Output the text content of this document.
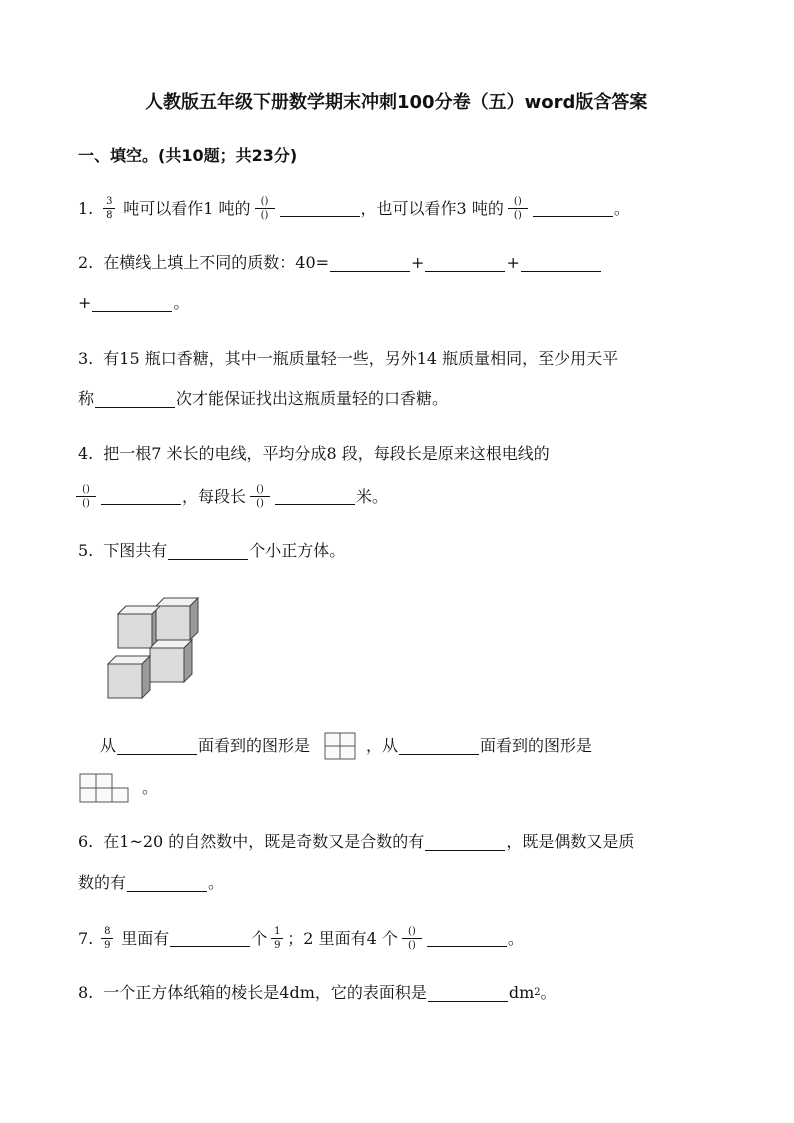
人教版五年级下册数学期末冲刺100分卷（五）word版含答案
一、填空。(共10题；共23分)
1. $\frac{3}{8}$ 吨可以看作1 吨的 $\frac{()}{()}$	，也可以看作3 吨的 $\frac{()}{()}$	。
2. 在横线上填上不同的质数：40=	+	+
+	。
3. 有15 瓶口香糖，其中一瓶质量轻一些，另外14 瓶质量相同，至少用天平
称	次才能保证找出这瓶质量轻的口香糖。
4. 把一根7 米长的电线，平均分成8 段，每段长是原来这根电线的
$\frac{()}{()}$	，每段长 $\frac{()}{()}$	米。
5. 下图共有	个小正方体。
从	面看到的图形是	，从	面看到的图形是
。
6. 在1~20 的自然数中，既是奇数又是合数的有	，既是偶数又是质
数的有	。
7. $\frac{8}{9}$ 里面有	个 $\frac{1}{9}$ ；2 里面有4 个 $\frac{()}{()}$	。
8. 一个正方体纸箱的棱长是4dm，它的表面积是	dm 2 。
